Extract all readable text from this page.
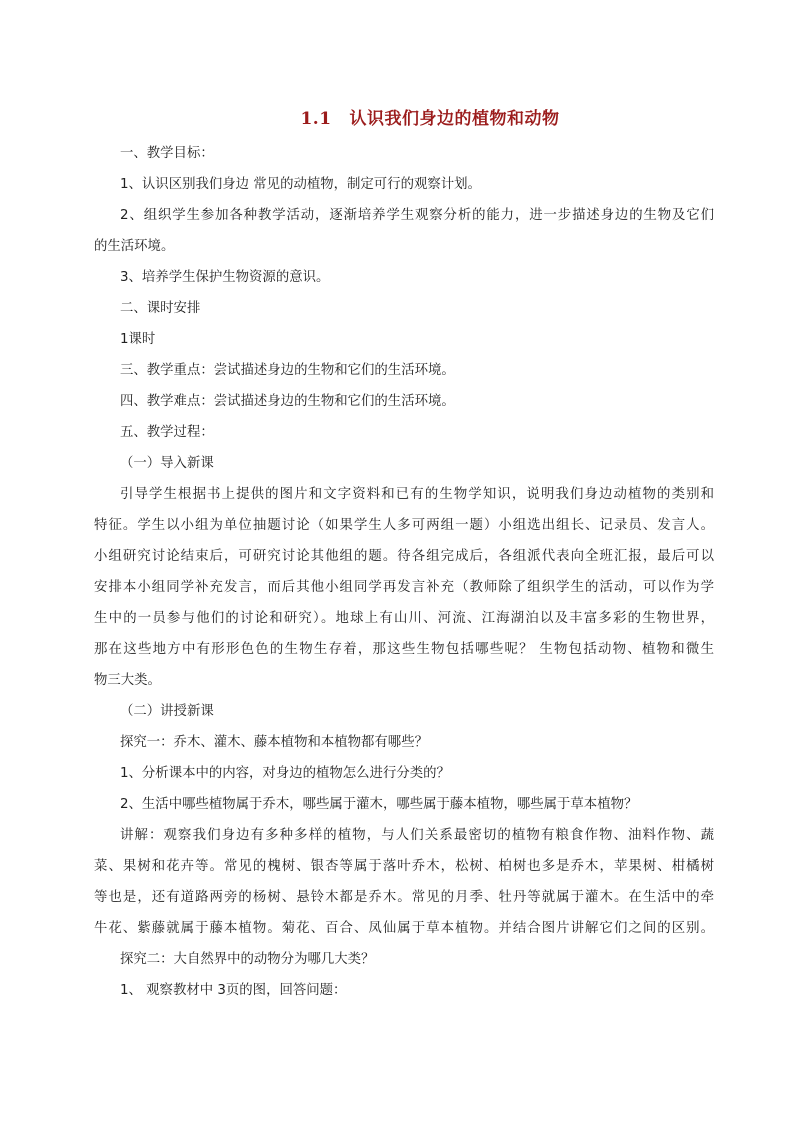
1.1 认识我们身边的植物和动物
一、教学目标：
1、认识区别我们身边 常见的动植物，制定可行的观察计划。
2、组织学生参加各种教学活动，逐渐培养学生观察分析的能力，进一步描述身边的生物及它们
的生活环境。
3、培养学生保护生物资源的意识。
二、课时安排
1课时
三、教学重点：尝试描述身边的生物和它们的生活环境。
四、教学难点：尝试描述身边的生物和它们的生活环境。
五、教学过程：
（一）导入新课
引导学生根据书上提供的图片和文字资料和已有的生物学知识，说明我们身边动植物的类别和
特征。学生以小组为单位抽题讨论（如果学生人多可两组一题）小组选出组长、记录员、发言人。
小组研究讨论结束后，可研究讨论其他组的题。待各组完成后，各组派代表向全班汇报，最后可以
安排本小组同学补充发言，而后其他小组同学再发言补充（教师除了组织学生的活动，可以作为学
生中的一员参与他们的讨论和研究）。地球上有山川、河流、江海湖泊以及丰富多彩的生物世界，
那在这些地方中有形形色色的生物生存着，那这些生物包括哪些呢？ 生物包括动物、植物和微生
物三大类。
（二）讲授新课
探究一：乔木、灌木、藤本植物和本植物都有哪些？
1、分析课本中的内容，对身边的植物怎么进行分类的？
2、生活中哪些植物属于乔木，哪些属于灌木，哪些属于藤本植物，哪些属于草本植物？
讲解：观察我们身边有多种多样的植物，与人们关系最密切的植物有粮食作物、油料作物、蔬
菜、果树和花卉等。常见的槐树、银杏等属于落叶乔木，松树、柏树也多是乔木，苹果树、柑橘树
等也是，还有道路两旁的杨树、悬铃木都是乔木。常见的月季、牡丹等就属于灌木。在生活中的牵
牛花、紫藤就属于藤本植物。菊花、百合、凤仙属于草本植物。并结合图片讲解它们之间的区别。
探究二：大自然界中的动物分为哪几大类？
1、 观察教材中 3页的图，回答问题：
